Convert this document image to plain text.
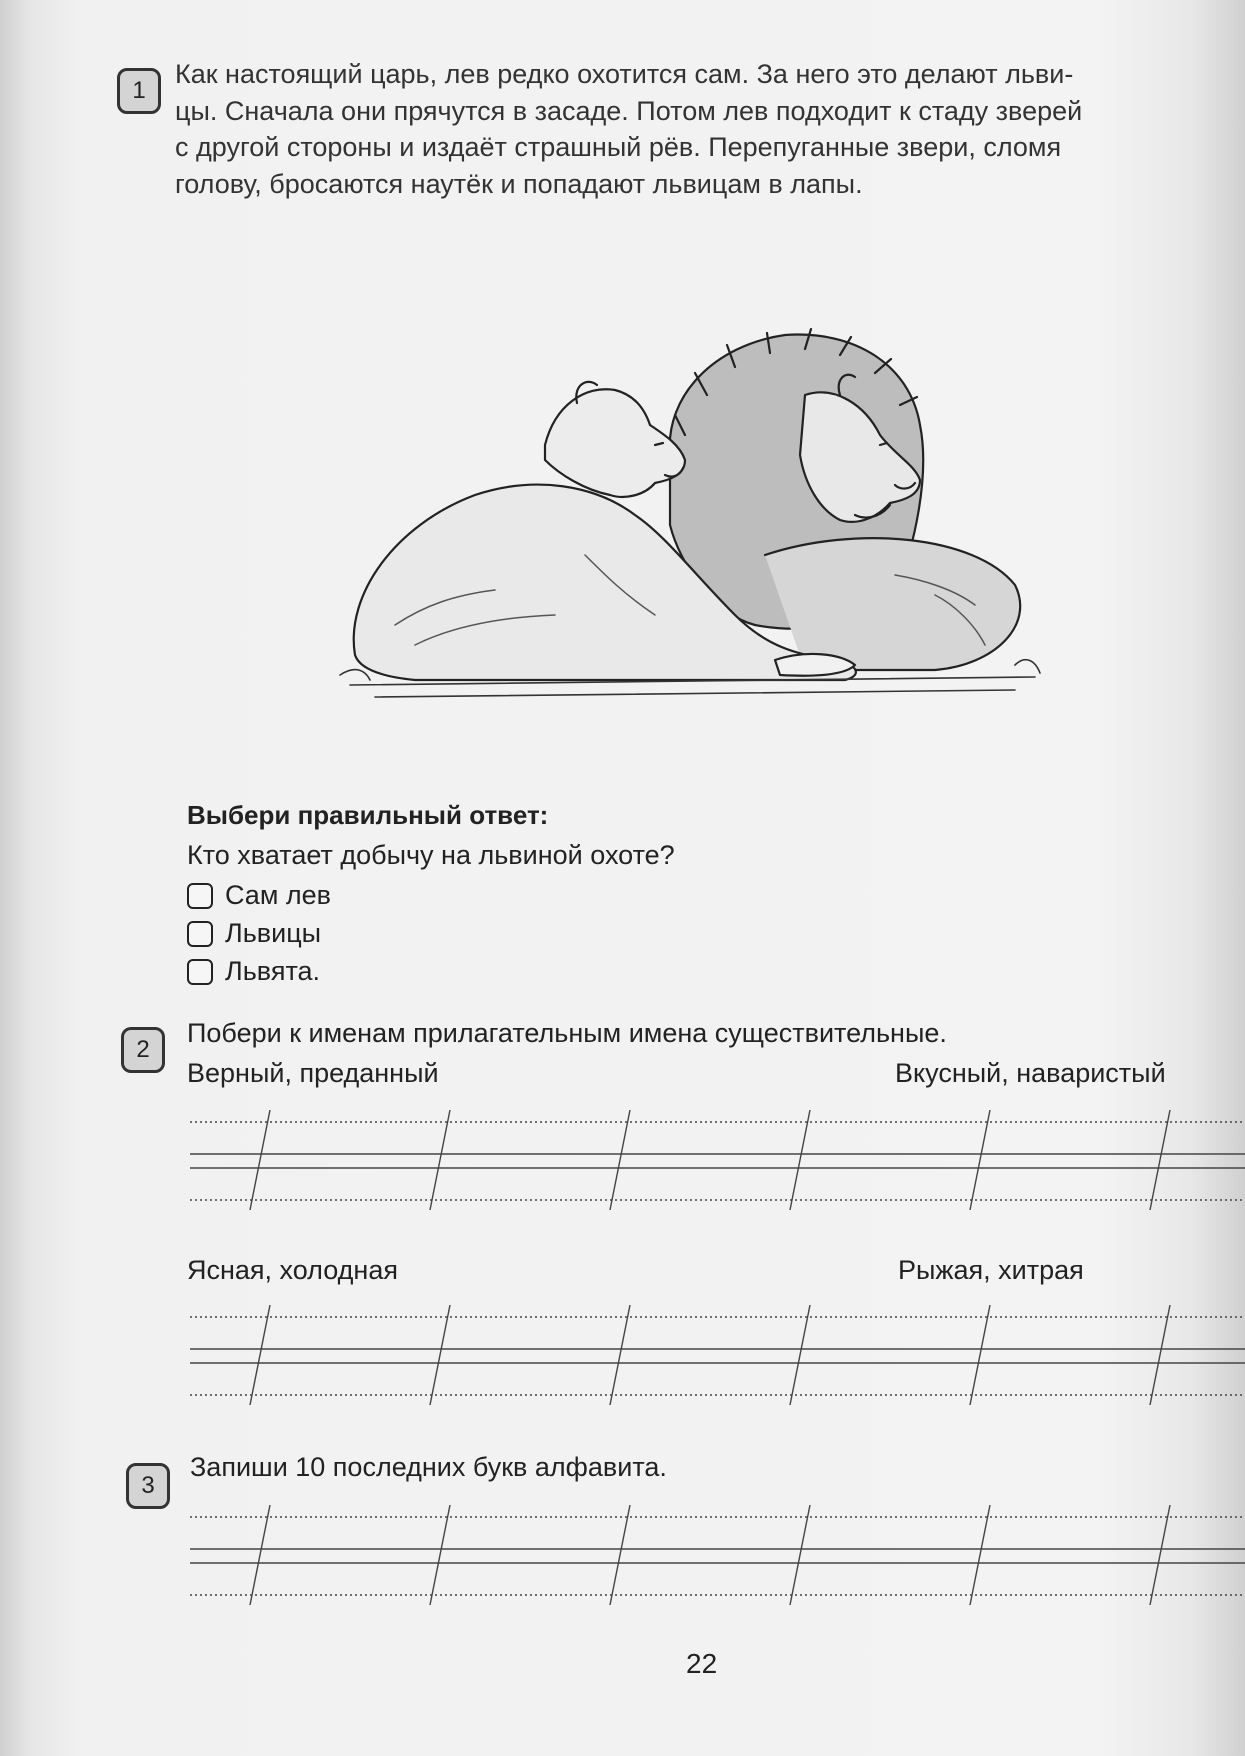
1
Как настоящий царь, лев редко охотится сам. За него это делают льви-
цы. Сначала они прячутся в засаде. Потом лев подходит к стаду зверей
с другой стороны и издаёт страшный рёв. Перепуганные звери, сломя
голову, бросаются наутёк и попадают львицам в лапы.
Выбери правильный ответ:
Кто хватает добычу на львиной охоте?
Сам лев
Львицы
Львята.
2
Побери к именам прилагательным имена существительные.
Верный, преданный	Вкусный, наваристый
Ясная, холодная	Рыжая, хитрая
3
Запиши 10 последних букв алфавита.
22
